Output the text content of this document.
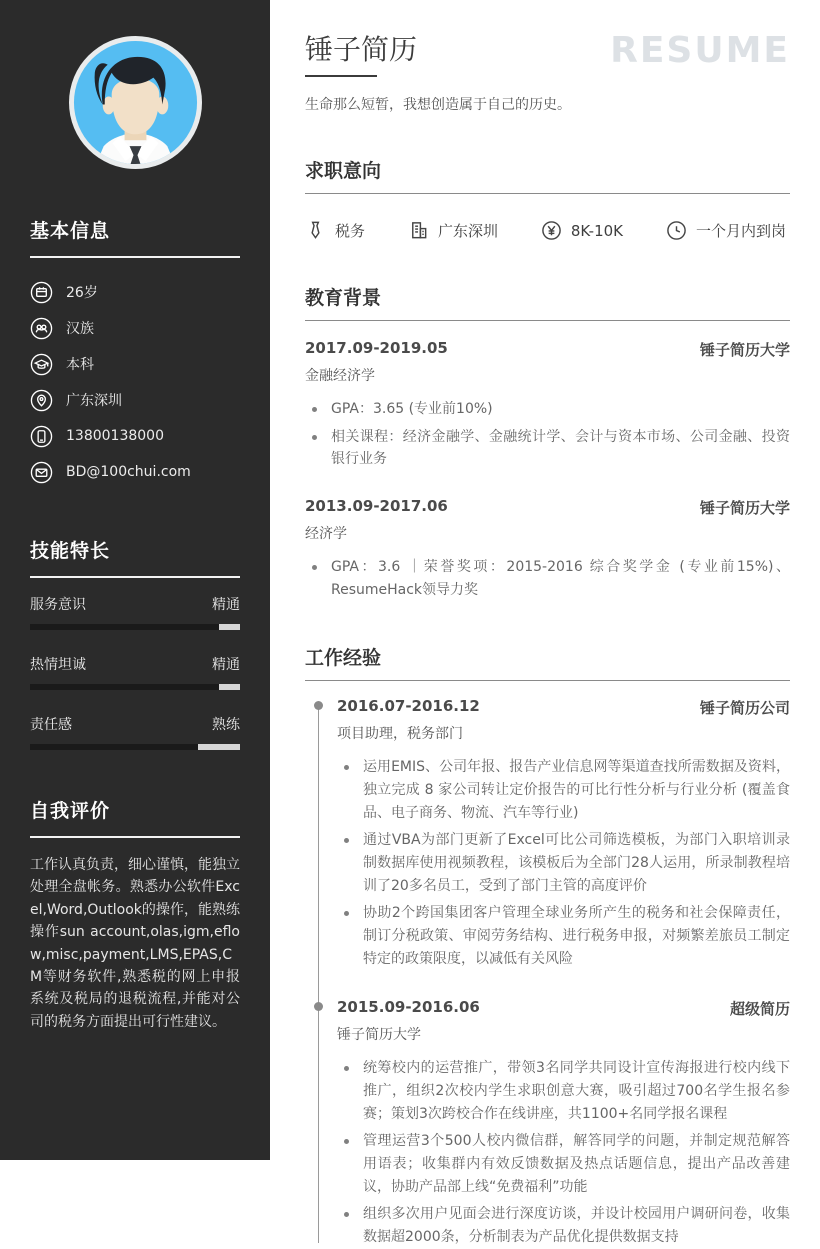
基本信息
26岁
汉族
本科
广东深圳
13800138000
BD@100chui.com
技能特长
服务意识	精通
热情坦诚	精通
责任感	熟练
自我评价

工作认真负责，细心谨慎，能独立处理全盘帐务。熟悉办公软件Excel,Word,Outlook的操作，能熟练操作sun account,olas,igm,eflow,misc,payment,LMS,EPAS,CM等财务软件,熟悉税的网上申报系统及税局的退税流程,并能对公司的税务方面提出可行性建议。

RESUME
锤子简历

生命那么短暂，我想创造属于自己的历史。

求职意向
税务	广东深圳	8K-10K	一个月内到岗
教育背景
2017.09-2019.05	锤子简历大学
金融经济学
GPA：3.65 (专业前10%)
相关课程：经济金融学、金融统计学、会计与资本市场、公司金融、投资银行业务
2013.09-2017.06	锤子简历大学
经济学
GPA：3.6 ｜荣誉奖项：2015-2016 综合奖学金 (专业前15%)、ResumeHack领导力奖
工作经验
2016.07-2016.12	锤子简历公司
项目助理，税务部门
运用EMIS、公司年报、报告产业信息网等渠道查找所需数据及资料，独立完成 8 家公司转让定价报告的可比行性分析与行业分析 (覆盖食品、电子商务、物流、汽车等行业)
通过VBA为部门更新了Excel可比公司筛选模板，为部门入职培训录制数据库使用视频教程，该模板后为全部门28人运用，所录制教程培训了20多名员工，受到了部门主管的高度评价
协助2个跨国集团客户管理全球业务所产生的税务和社会保障责任，制订分税政策、审阅劳务结构、进行税务申报，对频繁差旅员工制定特定的政策限度，以减低有关风险
2015.09-2016.06	超级简历
锤子简历大学
统筹校内的运营推广，带领3名同学共同设计宣传海报进行校内线下推广，组织2次校内学生求职创意大赛，吸引超过700名学生报名参赛；策划3次跨校合作在线讲座，共1100+名同学报名课程
管理运营3个500人校内微信群，解答同学的问题，并制定规范解答用语表；收集群内有效反馈数据及热点话题信息，提出产品改善建议，协助产品部上线“免费福利”功能
组织多次用户见面会进行深度访谈，并设计校园用户调研问卷，收集数据超2000条，分析制表为产品优化提供数据支持
